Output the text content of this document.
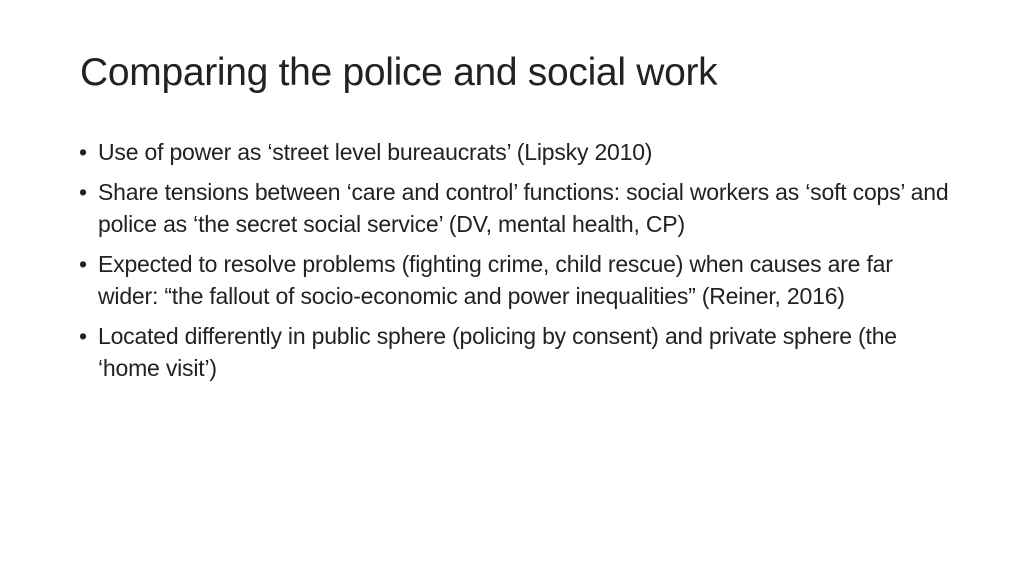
Comparing the police and social work
• Use of power as ‘street level bureaucrats’ (Lipsky 2010)
• Share tensions between ‘care and control’ functions: social workers as ‘soft cops’ and police as ‘the secret social service’ (DV, mental health, CP)
• Expected to resolve problems (fighting crime, child rescue) when causes are far wider: “the fallout of socio-economic and power inequalities” (Reiner, 2016)
• Located differently in public sphere (policing by consent) and private sphere (the ‘home visit’)
